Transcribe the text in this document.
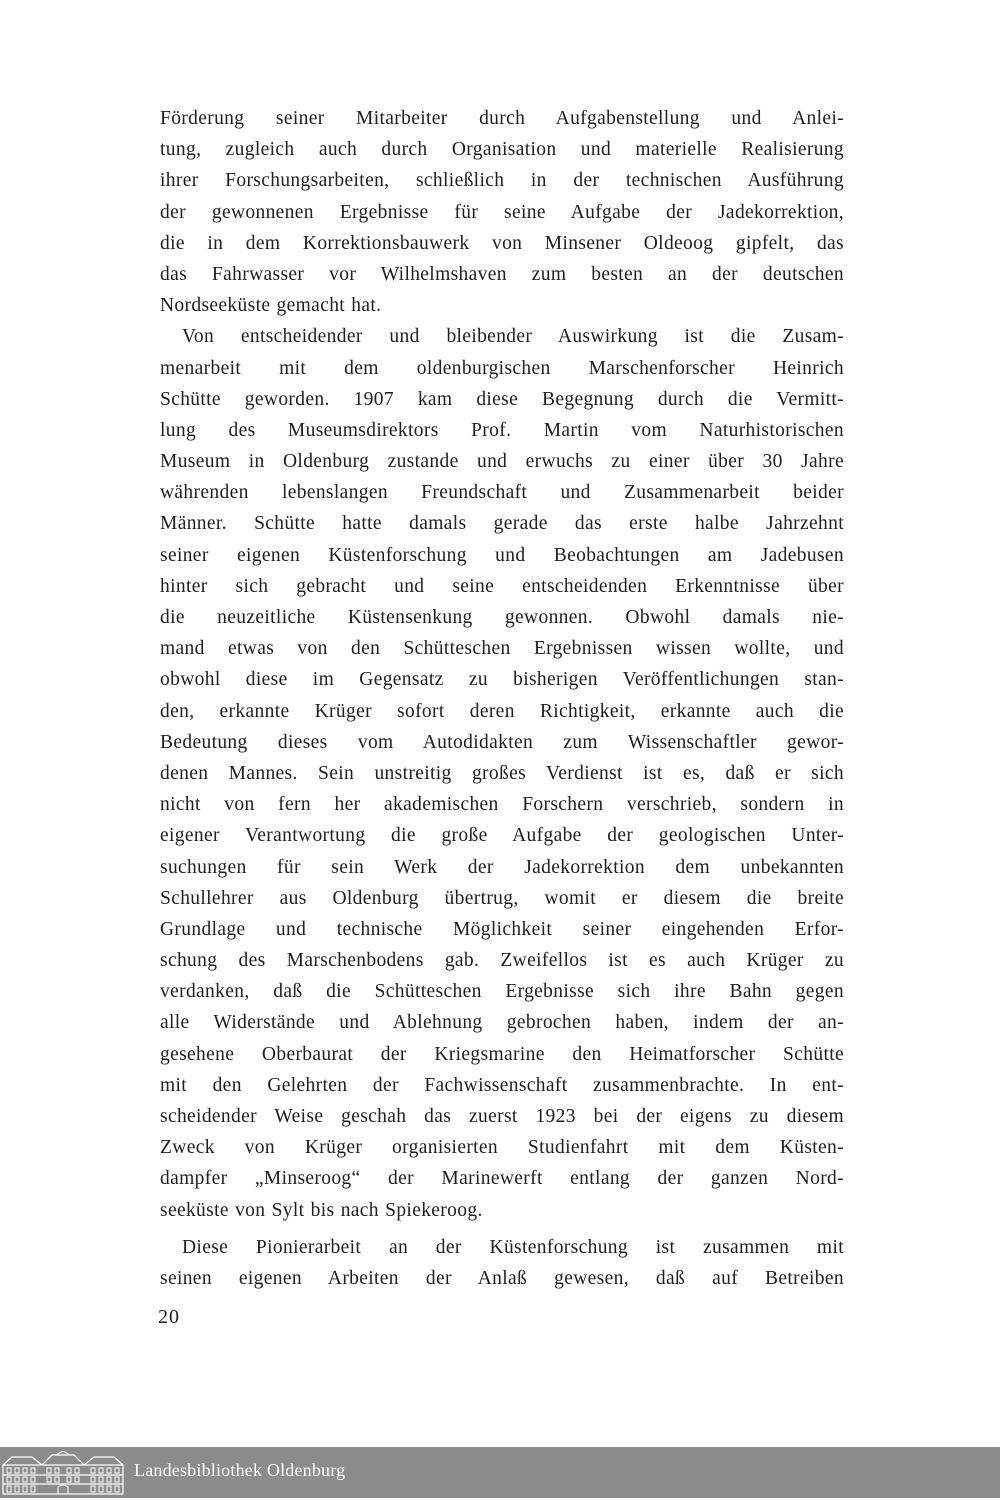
Förderung seiner Mitarbeiter durch Aufgabenstellung und Anlei-
tung, zugleich auch durch Organisation und materielle Realisierung
ihrer Forschungsarbeiten, schließlich in der technischen Ausführung
der gewonnenen Ergebnisse für seine Aufgabe der Jadekorrektion,
die in dem Korrektionsbauwerk von Minsener Oldeoog gipfelt, das
das Fahrwasser vor Wilhelmshaven zum besten an der deutschen
Nordseeküste gemacht hat.
Von entscheidender und bleibender Auswirkung ist die Zusam-
menarbeit mit dem oldenburgischen Marschenforscher Heinrich
Schütte geworden. 1907 kam diese Begegnung durch die Vermitt-
lung des Museumsdirektors Prof. Martin vom Naturhistorischen
Museum in Oldenburg zustande und erwuchs zu einer über 30 Jahre
währenden lebenslangen Freundschaft und Zusammenarbeit beider
Männer. Schütte hatte damals gerade das erste halbe Jahrzehnt
seiner eigenen Küstenforschung und Beobachtungen am Jadebusen
hinter sich gebracht und seine entscheidenden Erkenntnisse über
die neuzeitliche Küstensenkung gewonnen. Obwohl damals nie-
mand etwas von den Schütteschen Ergebnissen wissen wollte, und
obwohl diese im Gegensatz zu bisherigen Veröffentlichungen stan-
den, erkannte Krüger sofort deren Richtigkeit, erkannte auch die
Bedeutung dieses vom Autodidakten zum Wissenschaftler gewor-
denen Mannes. Sein unstreitig großes Verdienst ist es, daß er sich
nicht von fern her akademischen Forschern verschrieb, sondern in
eigener Verantwortung die große Aufgabe der geologischen Unter-
suchungen für sein Werk der Jadekorrektion dem unbekannten
Schullehrer aus Oldenburg übertrug, womit er diesem die breite
Grundlage und technische Möglichkeit seiner eingehenden Erfor-
schung des Marschenbodens gab. Zweifellos ist es auch Krüger zu
verdanken, daß die Schütteschen Ergebnisse sich ihre Bahn gegen
alle Widerstände und Ablehnung gebrochen haben, indem der an-
gesehene Oberbaurat der Kriegsmarine den Heimatforscher Schütte
mit den Gelehrten der Fachwissenschaft zusammenbrachte. In ent-
scheidender Weise geschah das zuerst 1923 bei der eigens zu diesem
Zweck von Krüger organisierten Studienfahrt mit dem Küsten-
dampfer „Minseroog“ der Marinewerft entlang der ganzen Nord-
seeküste von Sylt bis nach Spiekeroog.
Diese Pionierarbeit an der Küstenforschung ist zusammen mit
seinen eigenen Arbeiten der Anlaß gewesen, daß auf Betreiben
20
Landesbibliothek Oldenburg
